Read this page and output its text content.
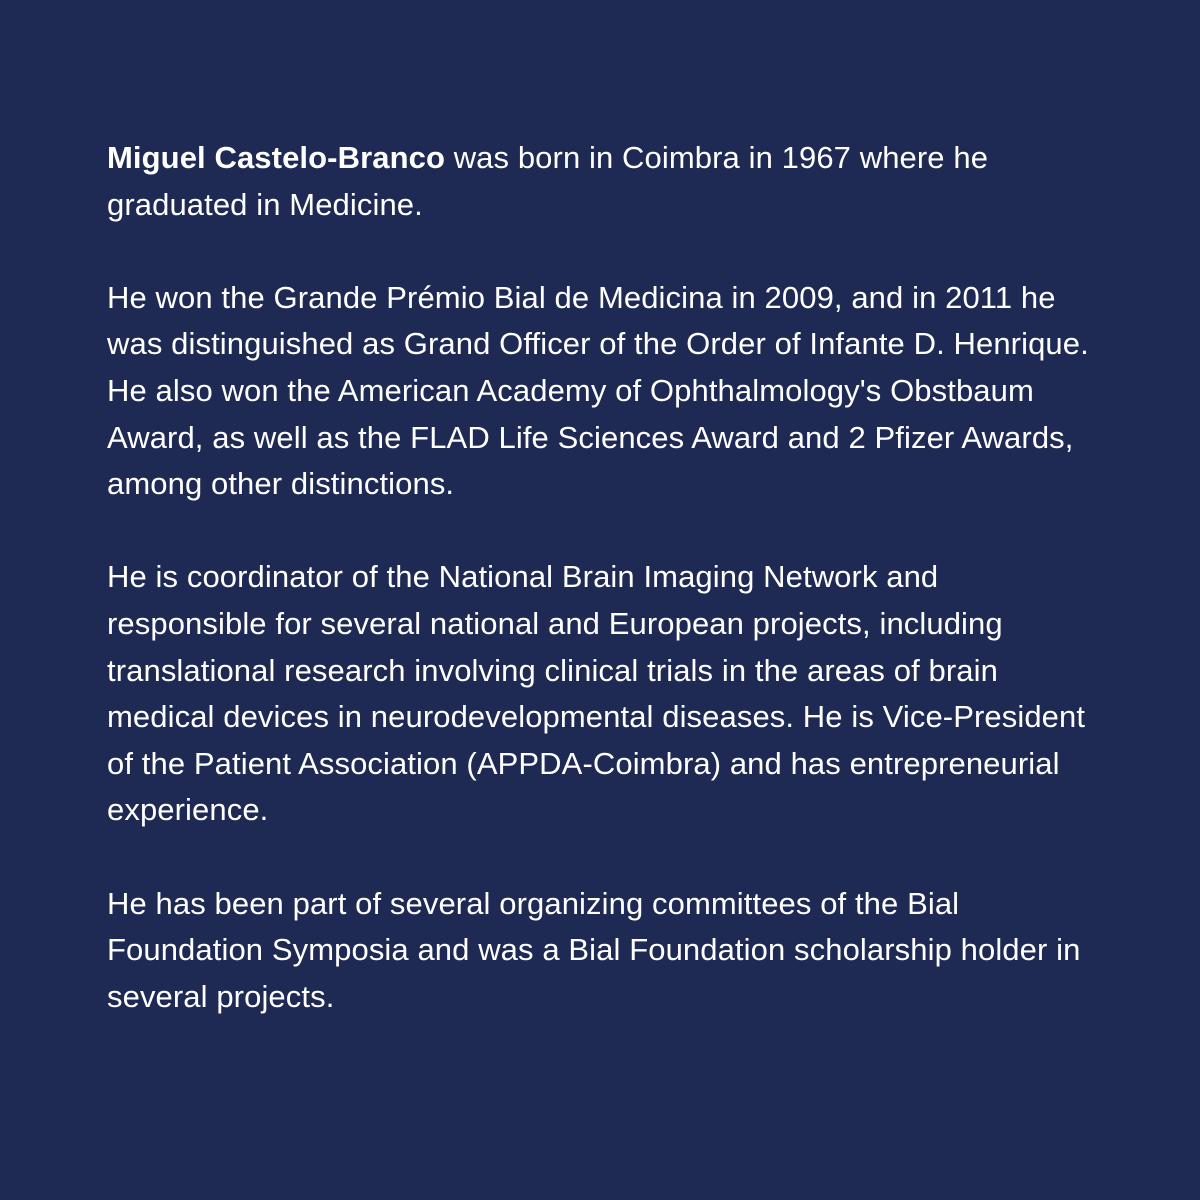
Miguel Castelo-Branco was born in Coimbra in 1967 where he graduated in Medicine.

He won the Grande Prémio Bial de Medicina in 2009, and in 2011 he was distinguished as Grand Officer of the Order of Infante D. Henrique. He also won the American Academy of Ophthalmology's Obstbaum Award, as well as the FLAD Life Sciences Award and 2 Pfizer Awards, among other distinctions.

He is coordinator of the National Brain Imaging Network and responsible for several national and European projects, including translational research involving clinical trials in the areas of brain medical devices in neurodevelopmental diseases. He is Vice-President of the Patient Association (APPDA-Coimbra) and has entrepreneurial experience.

He has been part of several organizing committees of the Bial Foundation Symposia and was a Bial Foundation scholarship holder in several projects.
